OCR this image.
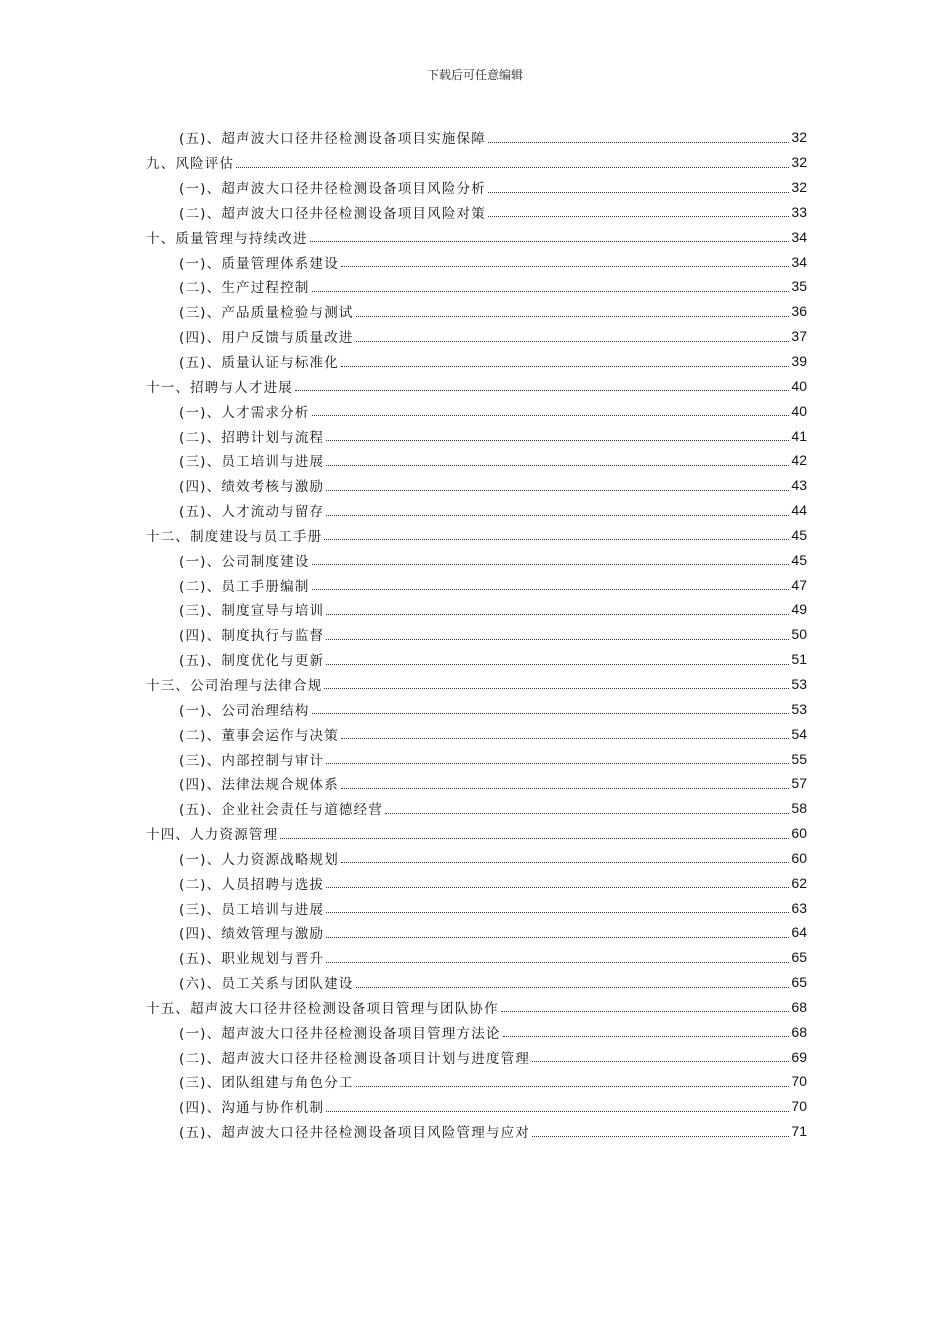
下载后可任意编辑
(五)、超声波大口径井径检测设备项目实施保障	32
九、风险评估	32
(一)、超声波大口径井径检测设备项目风险分析	32
(二)、超声波大口径井径检测设备项目风险对策	33
十、质量管理与持续改进	34
(一)、质量管理体系建设	34
(二)、生产过程控制	35
(三)、产品质量检验与测试	36
(四)、用户反馈与质量改进	37
(五)、质量认证与标准化	39
十一、招聘与人才进展	40
(一)、人才需求分析	40
(二)、招聘计划与流程	41
(三)、员工培训与进展	42
(四)、绩效考核与激励	43
(五)、人才流动与留存	44
十二、制度建设与员工手册	45
(一)、公司制度建设	45
(二)、员工手册编制	47
(三)、制度宣导与培训	49
(四)、制度执行与监督	50
(五)、制度优化与更新	51
十三、公司治理与法律合规	53
(一)、公司治理结构	53
(二)、董事会运作与决策	54
(三)、内部控制与审计	55
(四)、法律法规合规体系	57
(五)、企业社会责任与道德经营	58
十四、人力资源管理	60
(一)、人力资源战略规划	60
(二)、人员招聘与选拔	62
(三)、员工培训与进展	63
(四)、绩效管理与激励	64
(五)、职业规划与晋升	65
(六)、员工关系与团队建设	65
十五、超声波大口径井径检测设备项目管理与团队协作	68
(一)、超声波大口径井径检测设备项目管理方法论	68
(二)、超声波大口径井径检测设备项目计划与进度管理	69
(三)、团队组建与角色分工	70
(四)、沟通与协作机制	70
(五)、超声波大口径井径检测设备项目风险管理与应对	71
